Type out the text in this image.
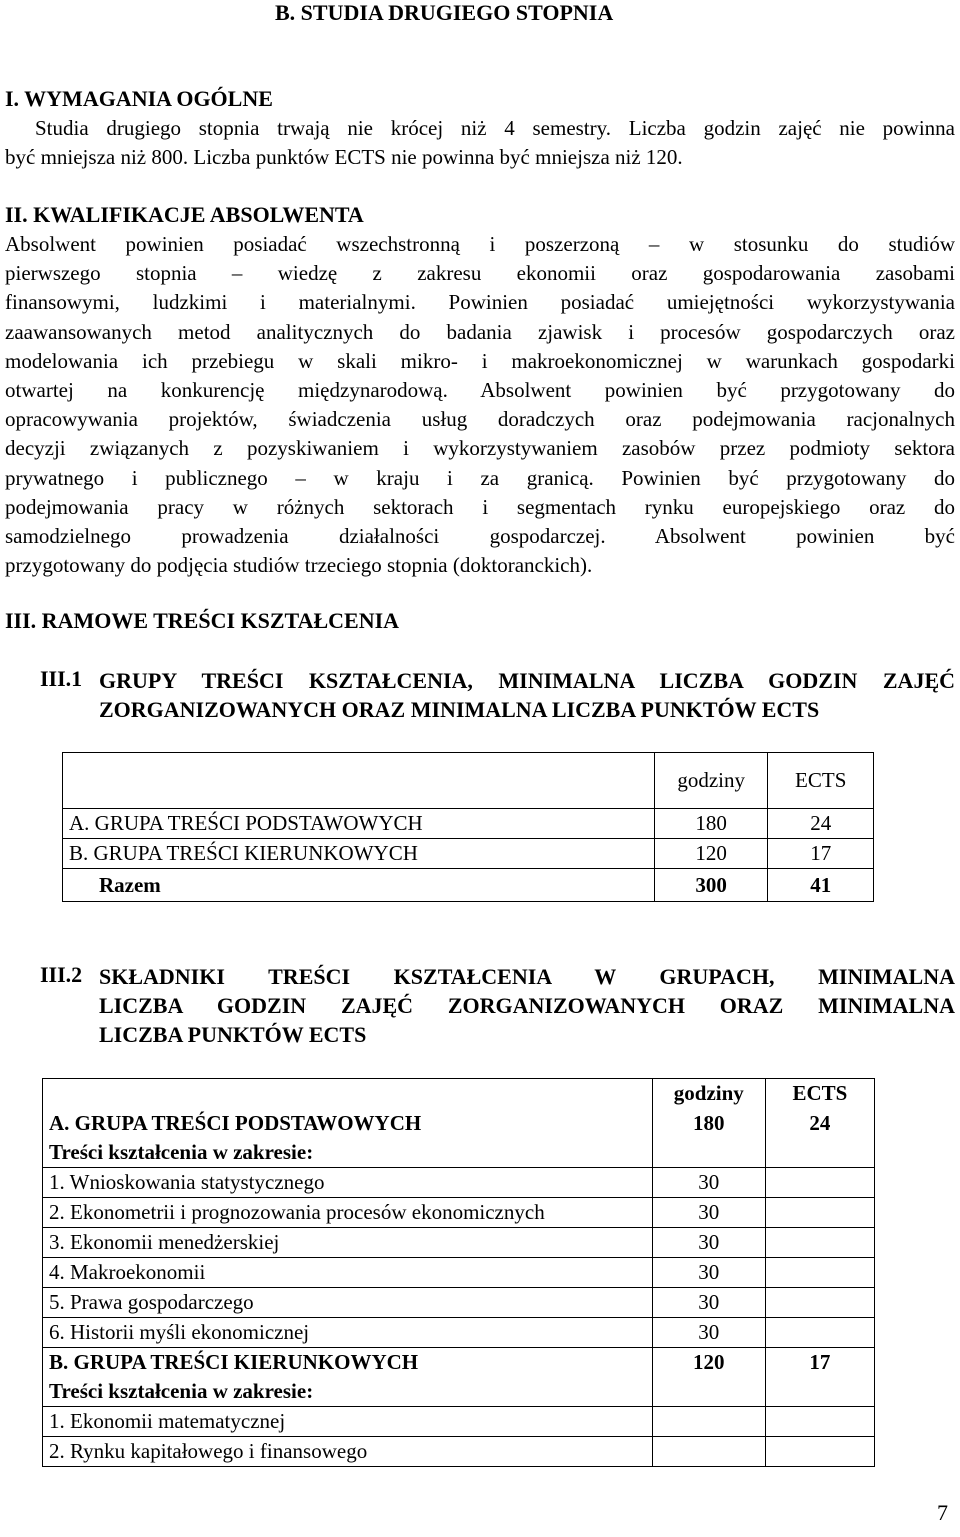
B. STUDIA DRUGIEGO STOPNIA
I. WYMAGANIA OGÓLNE
Studia drugiego stopnia trwają nie krócej niż 4 semestry. Liczba godzin zajęć nie powinna
być mniejsza niż 800. Liczba punktów ECTS nie powinna być mniejsza niż 120.
II. KWALIFIKACJE ABSOLWENTA
Absolwent powinien posiadać wszechstronną i poszerzoną – w stosunku do studiów
pierwszego stopnia – wiedzę z zakresu ekonomii oraz gospodarowania zasobami
finansowymi, ludzkimi i materialnymi. Powinien posiadać umiejętności wykorzystywania
zaawansowanych metod analitycznych do badania zjawisk i procesów gospodarczych oraz
modelowania ich przebiegu w skali mikro- i makroekonomicznej w warunkach gospodarki
otwartej na konkurencję międzynarodową. Absolwent powinien być przygotowany do
opracowywania projektów, świadczenia usług doradczych oraz podejmowania racjonalnych
decyzji związanych z pozyskiwaniem i wykorzystywaniem zasobów przez podmioty sektora
prywatnego i publicznego – w kraju i za granicą. Powinien być przygotowany do
podejmowania pracy w różnych sektorach i segmentach rynku europejskiego oraz do
samodzielnego prowadzenia działalności gospodarczej. Absolwent powinien być
przygotowany do podjęcia studiów trzeciego stopnia (doktoranckich).
III. RAMOWE TREŚCI KSZTAŁCENIA
III.1 GRUPY TREŚCI KSZTAŁCENIA, MINIMALNA LICZBA GODZIN ZAJĘĆ
ZORGANIZOWANYCH ORAZ MINIMALNA LICZBA PUNKTÓW ECTS
	godziny	ECTS
A. GRUPA TREŚCI PODSTAWOWYCH	180	24
B. GRUPA TREŚCI KIERUNKOWYCH	120	17
Razem	300	41
III.2 SKŁADNIKI TREŚCI KSZTAŁCENIA W GRUPACH, MINIMALNA
LICZBA GODZIN ZAJĘĆ ZORGANIZOWANYCH ORAZ MINIMALNA
LICZBA PUNKTÓW ECTS
	godziny	ECTS
A. GRUPA TREŚCI PODSTAWOWYCH	180	24
Treści kształcenia w zakresie:		
1. Wnioskowania statystycznego	30	
2. Ekonometrii i prognozowania procesów ekonomicznych	30	
3. Ekonomii menedżerskiej	30	
4. Makroekonomii	30	
5. Prawa gospodarczego	30	
6. Historii myśli ekonomicznej	30	
B. GRUPA TREŚCI KIERUNKOWYCH	120	17
Treści kształcenia w zakresie:		
1. Ekonomii matematycznej		
2. Rynku kapitałowego i finansowego		
7
